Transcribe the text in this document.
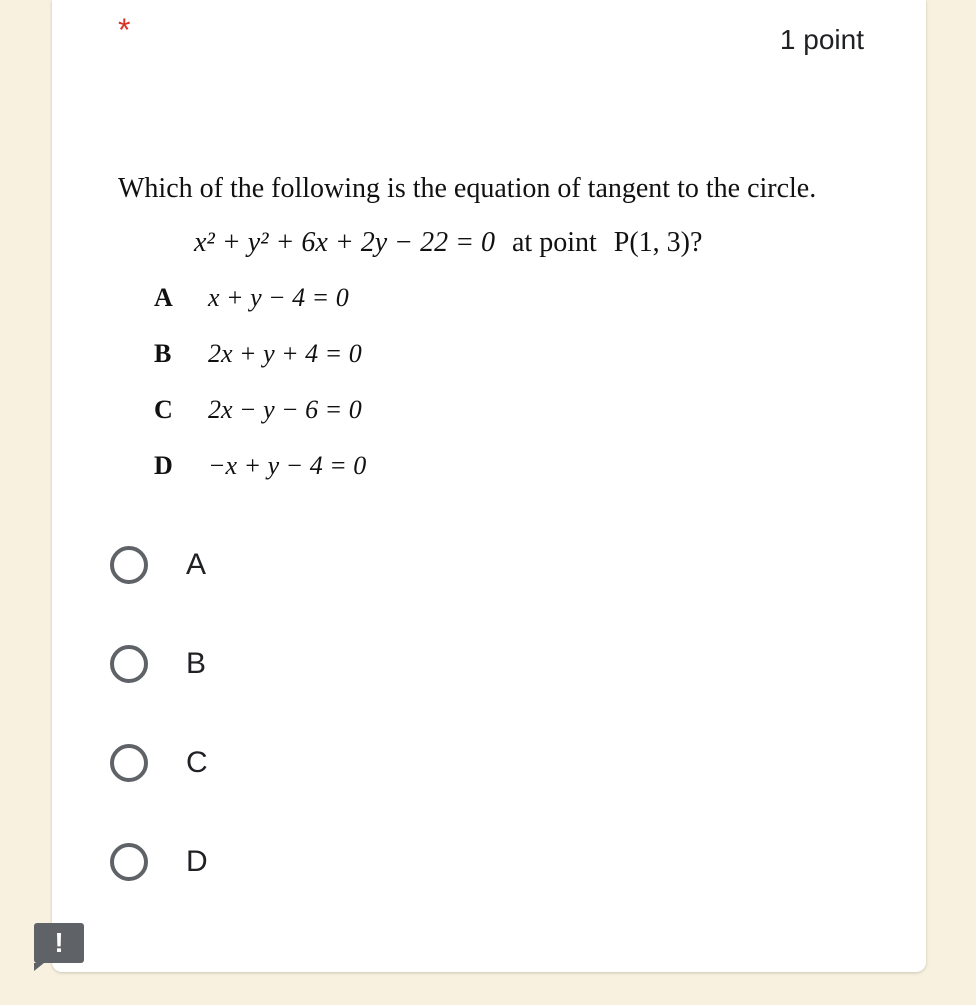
*	1 point
Which of the following is the equation of tangent to the circle.
x² + y² + 6x + 2y − 22 = 0 at point P(1, 3)?
A x + y − 4 = 0
B 2x + y + 4 = 0
C 2x − y − 6 = 0
D −x + y − 4 = 0
A
B
C
D
!
